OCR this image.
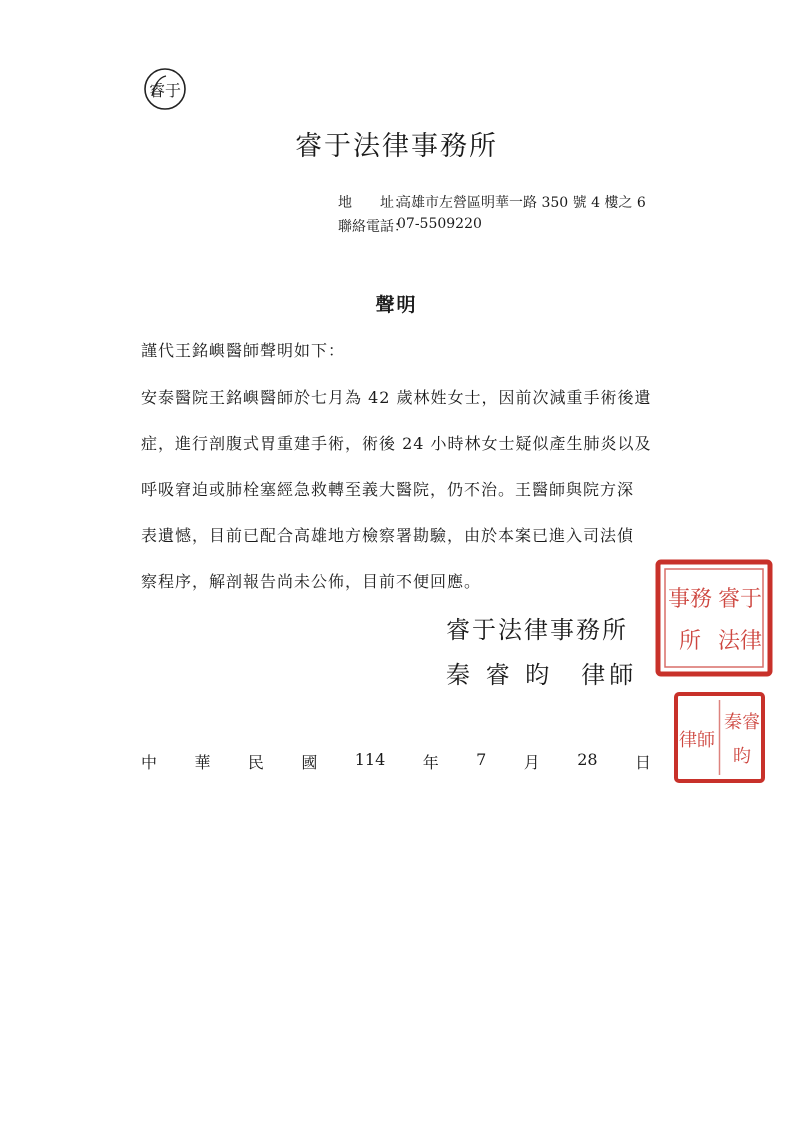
睿于
睿于法律事務所
地　　址：
高雄市左營區明華一路 350 號 4 樓之 6
聯絡電話：
07-5509220
聲明
謹代王銘嶼醫師聲明如下：
安泰醫院王銘嶼醫師於七月為 42 歲林姓女士，因前次減重手術後遺
症，進行剖腹式胃重建手術，術後 24 小時林女士疑似產生肺炎以及
呼吸窘迫或肺栓塞經急救轉至義大醫院，仍不治。王醫師與院方深
表遺憾，目前已配合高雄地方檢察署勘驗，由於本案已進入司法偵
察程序，解剖報告尚未公佈，目前不便回應。
睿于法律事務所
秦 睿 昀　律師
中 華 民 國 114 年 7 月 28 日
睿于
法律
事務
所
秦睿
昀
律師
